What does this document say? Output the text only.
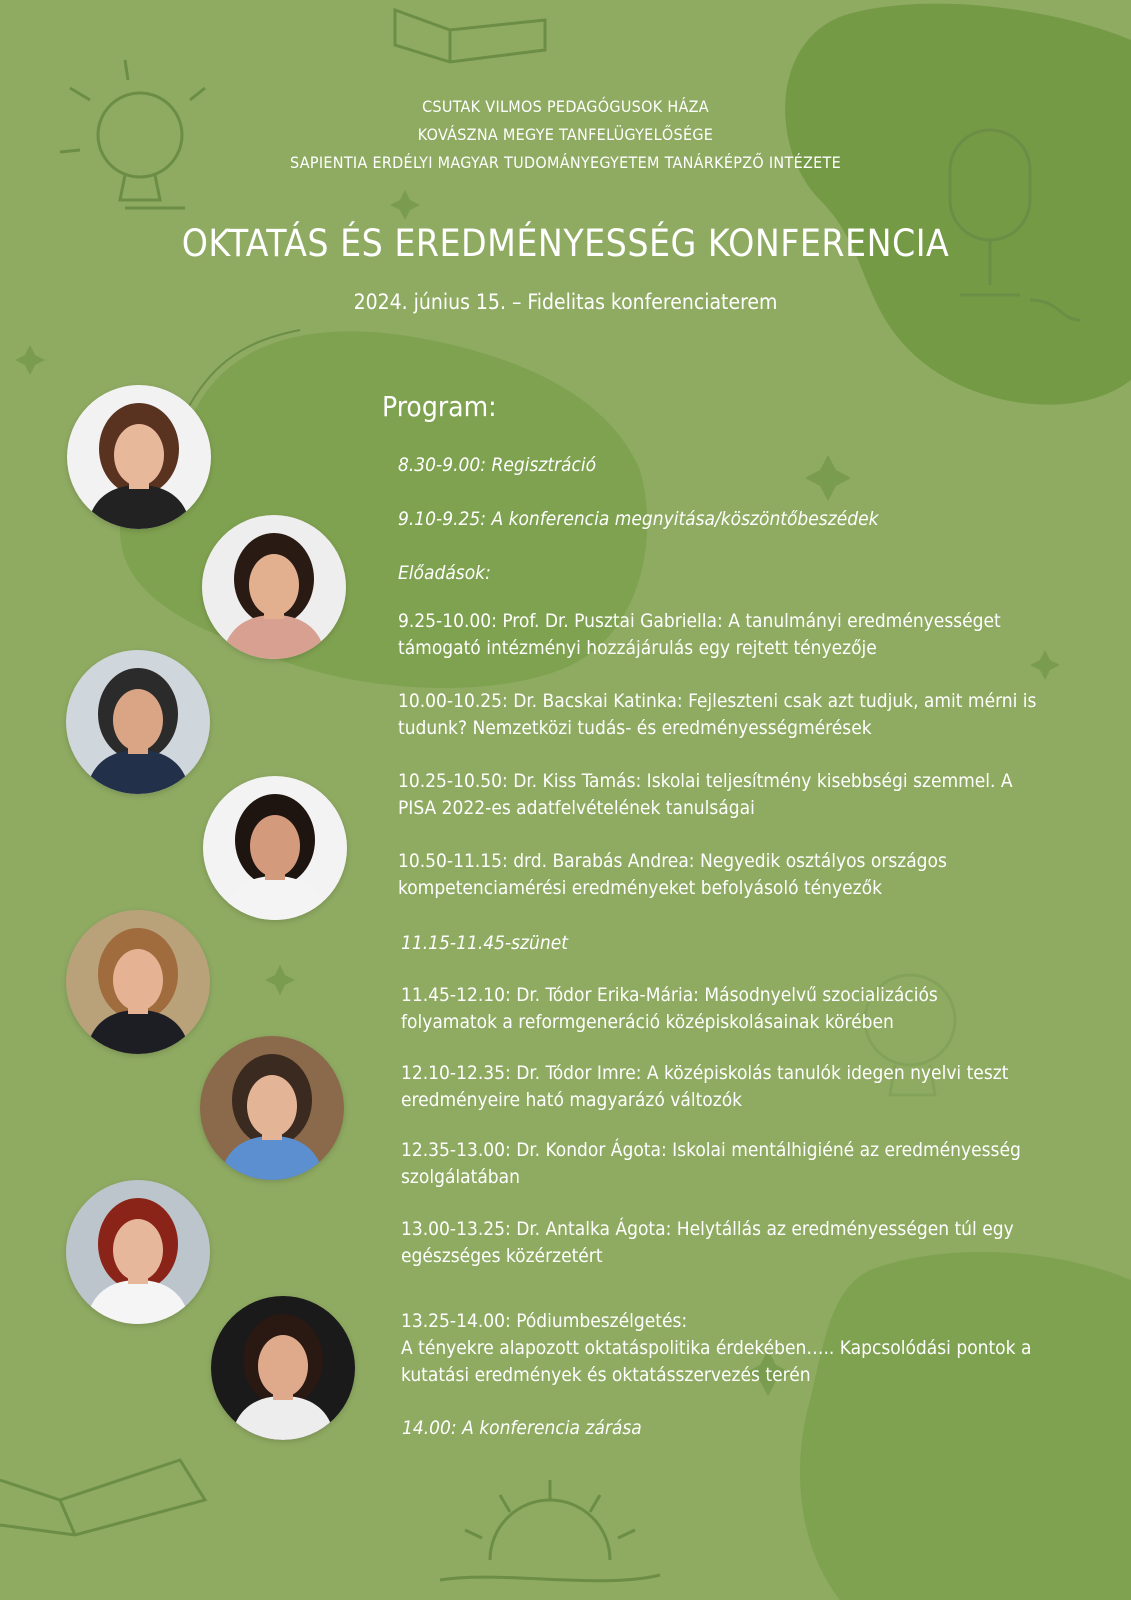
CSUTAK VILMOS PEDAGÓGUSOK HÁZA
KOVÁSZNA MEGYE TANFELÜGYELŐSÉGE
SAPIENTIA ERDÉLYI MAGYAR TUDOMÁNYEGYETEM TANÁRKÉPZŐ INTÉZETE
OKTATÁS ÉS EREDMÉNYESSÉG KONFERENCIA
2024. június 15. – Fidelitas konferenciaterem
Program:
8.30-9.00: Regisztráció
9.10-9.25: A konferencia megnyitása/köszöntőbeszédek
Előadások:
9.25-10.00: Prof. Dr. Pusztai Gabriella: A tanulmányi eredményességet támogató intézményi hozzájárulás egy rejtett tényezője
10.00-10.25: Dr. Bacskai Katinka: Fejleszteni csak azt tudjuk, amit mérni is tudunk? Nemzetközi tudás- és eredményességmérések
10.25-10.50: Dr. Kiss Tamás: Iskolai teljesítmény kisebbségi szemmel. A PISA 2022-es adatfelvételének tanulságai
10.50-11.15: drd. Barabás Andrea: Negyedik osztályos országos kompetenciamérési eredményeket befolyásoló tényezők
11.15-11.45-szünet
11.45-12.10: Dr. Tódor Erika-Mária: Másodnyelvű szocializációs folyamatok a reformgeneráció középiskolásainak körében
12.10-12.35: Dr. Tódor Imre: A középiskolás tanulók idegen nyelvi teszt eredményeire ható magyarázó változók
12.35-13.00: Dr. Kondor Ágota: Iskolai mentálhigiéné az eredményesség szolgálatában
13.00-13.25: Dr. Antalka Ágota: Helytállás az eredményességen túl egy egészséges közérzetért
13.25-14.00: Pódiumbeszélgetés:
A tényekre alapozott oktatáspolitika érdekében….. Kapcsolódási pontok a kutatási eredmények és oktatásszervezés terén
14.00: A konferencia zárása
